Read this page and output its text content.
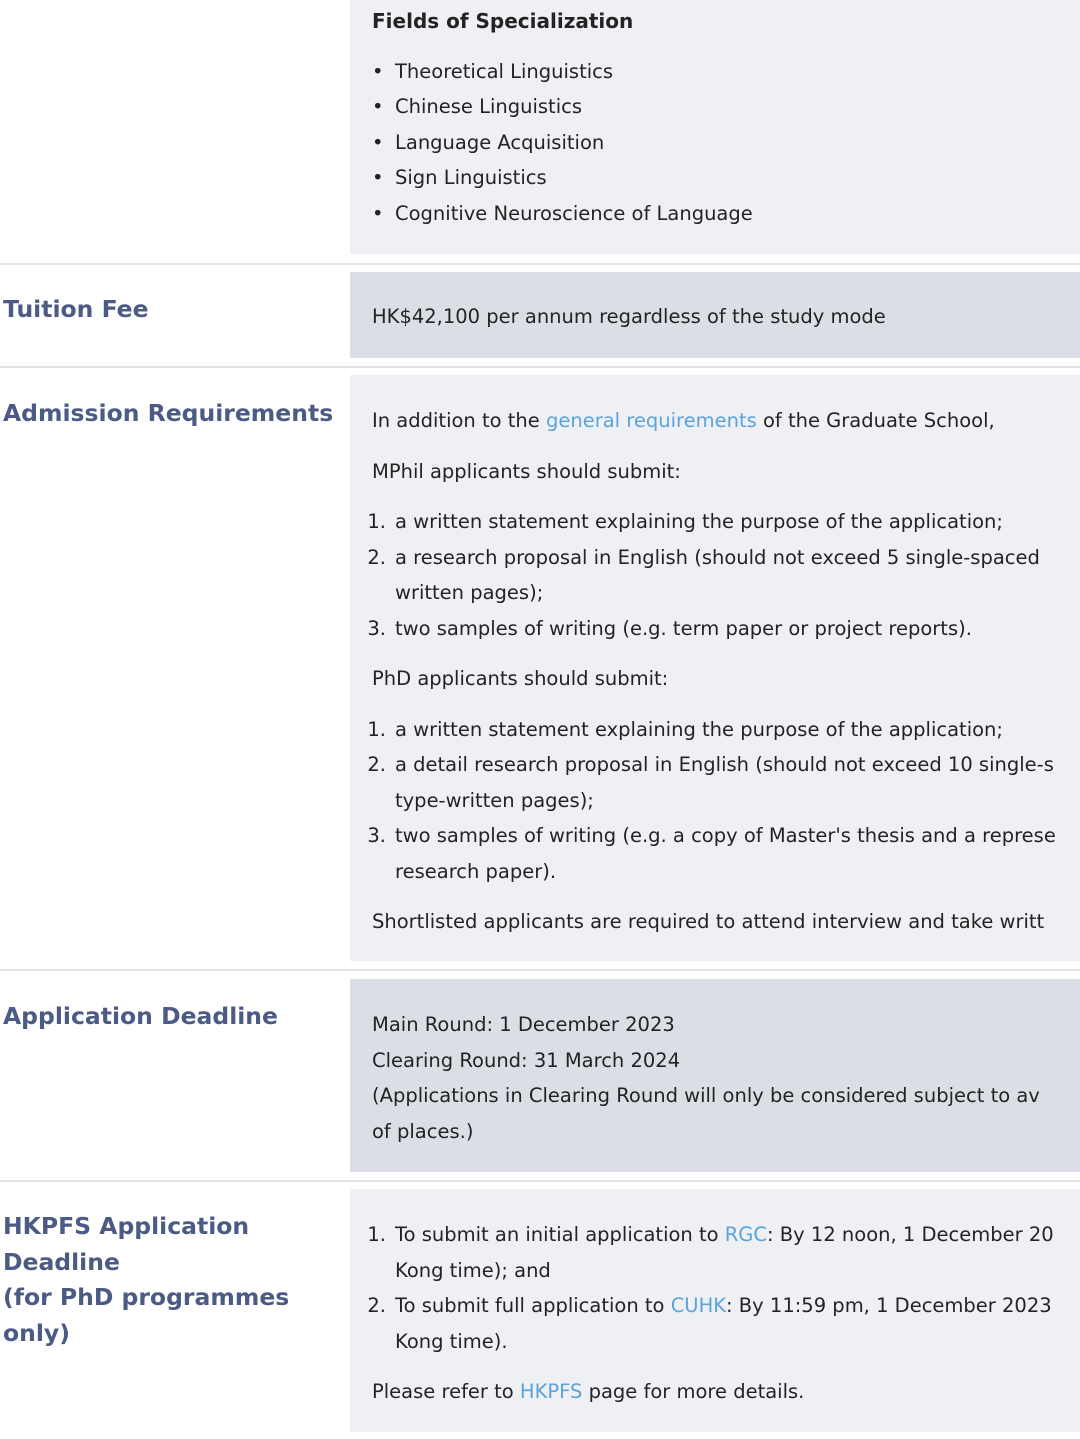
Fields of Specialization
• Theoretical Linguistics
• Chinese Linguistics
• Language Acquisition
• Sign Linguistics
• Cognitive Neuroscience of Language
Tuition Fee	HK$42,100 per annum regardless of the study mode
Admission Requirements In addition to the general requirements of the Graduate School,
MPhil applicants should submit:
1. a written statement explaining the purpose of the application;
2. a research proposal in English (should not exceed 5 single-spaced
written pages);
3. two samples of writing (e.g. term paper or project reports).
PhD applicants should submit:
1. a written statement explaining the purpose of the application;
2. a detail research proposal in English (should not exceed 10 single-s
type-written pages);
3. two samples of writing (e.g. a copy of Master's thesis and a represe
research paper).
Shortlisted applicants are required to attend interview and take writt
Application Deadline	Main Round: 1 December 2023
Clearing Round: 31 March 2024
(Applications in Clearing Round will only be considered subject to av
of places.)
HKPFS Application
Deadline
(for PhD programmes
only)
1. To submit an initial application to RGC: By 12 noon, 1 December 20
Kong time); and
2. To submit full application to CUHK: By 11:59 pm, 1 December 2023
Kong time).
Please refer to HKPFS page for more details.
